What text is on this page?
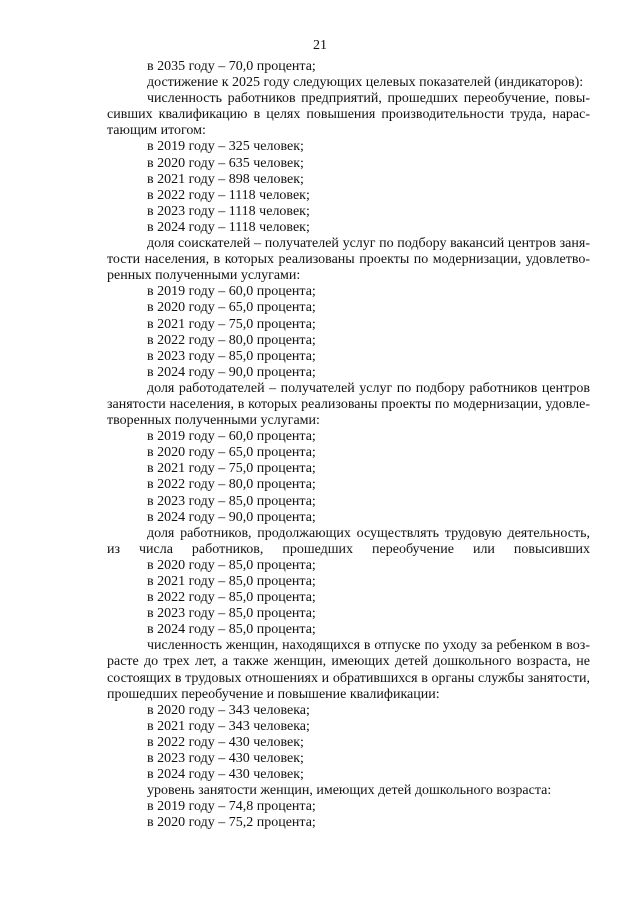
21
в 2035 году – 70,0 процента;
достижение к 2025 году следующих целевых показателей (индикаторов):
численность работников предприятий, прошедших переобучение, повы-
сивших квалификацию в целях повышения производительности труда, нарас-
тающим итогом:
в 2019 году – 325 человек;
в 2020 году – 635 человек;
в 2021 году – 898 человек;
в 2022 году – 1118 человек;
в 2023 году – 1118 человек;
в 2024 году – 1118 человек;
доля соискателей – получателей услуг по подбору вакансий центров заня-
тости населения, в которых реализованы проекты по модернизации, удовлетво-
ренных полученными услугами:
в 2019 году – 60,0 процента;
в 2020 году – 65,0 процента;
в 2021 году – 75,0 процента;
в 2022 году – 80,0 процента;
в 2023 году – 85,0 процента;
в 2024 году – 90,0 процента;
доля работодателей – получателей услуг по подбору работников центров
занятости населения, в которых реализованы проекты по модернизации, удовле-
творенных полученными услугами:
в 2019 году – 60,0 процента;
в 2020 году – 65,0 процента;
в 2021 году – 75,0 процента;
в 2022 году – 80,0 процента;
в 2023 году – 85,0 процента;
в 2024 году – 90,0 процента;
доля работников, продолжающих осуществлять трудовую деятельность,
из числа работников, прошедших переобучение или повысивших
в 2020 году – 85,0 процента;
в 2021 году – 85,0 процента;
в 2022 году – 85,0 процента;
в 2023 году – 85,0 процента;
в 2024 году – 85,0 процента;
численность женщин, находящихся в отпуске по уходу за ребенком в воз-
расте до трех лет, а также женщин, имеющих детей дошкольного возраста, не
состоящих в трудовых отношениях и обратившихся в органы службы занятости,
прошедших переобучение и повышение квалификации:
в 2020 году – 343 человека;
в 2021 году – 343 человека;
в 2022 году – 430 человек;
в 2023 году – 430 человек;
в 2024 году – 430 человек;
уровень занятости женщин, имеющих детей дошкольного возраста:
в 2019 году – 74,8 процента;
в 2020 году – 75,2 процента;
